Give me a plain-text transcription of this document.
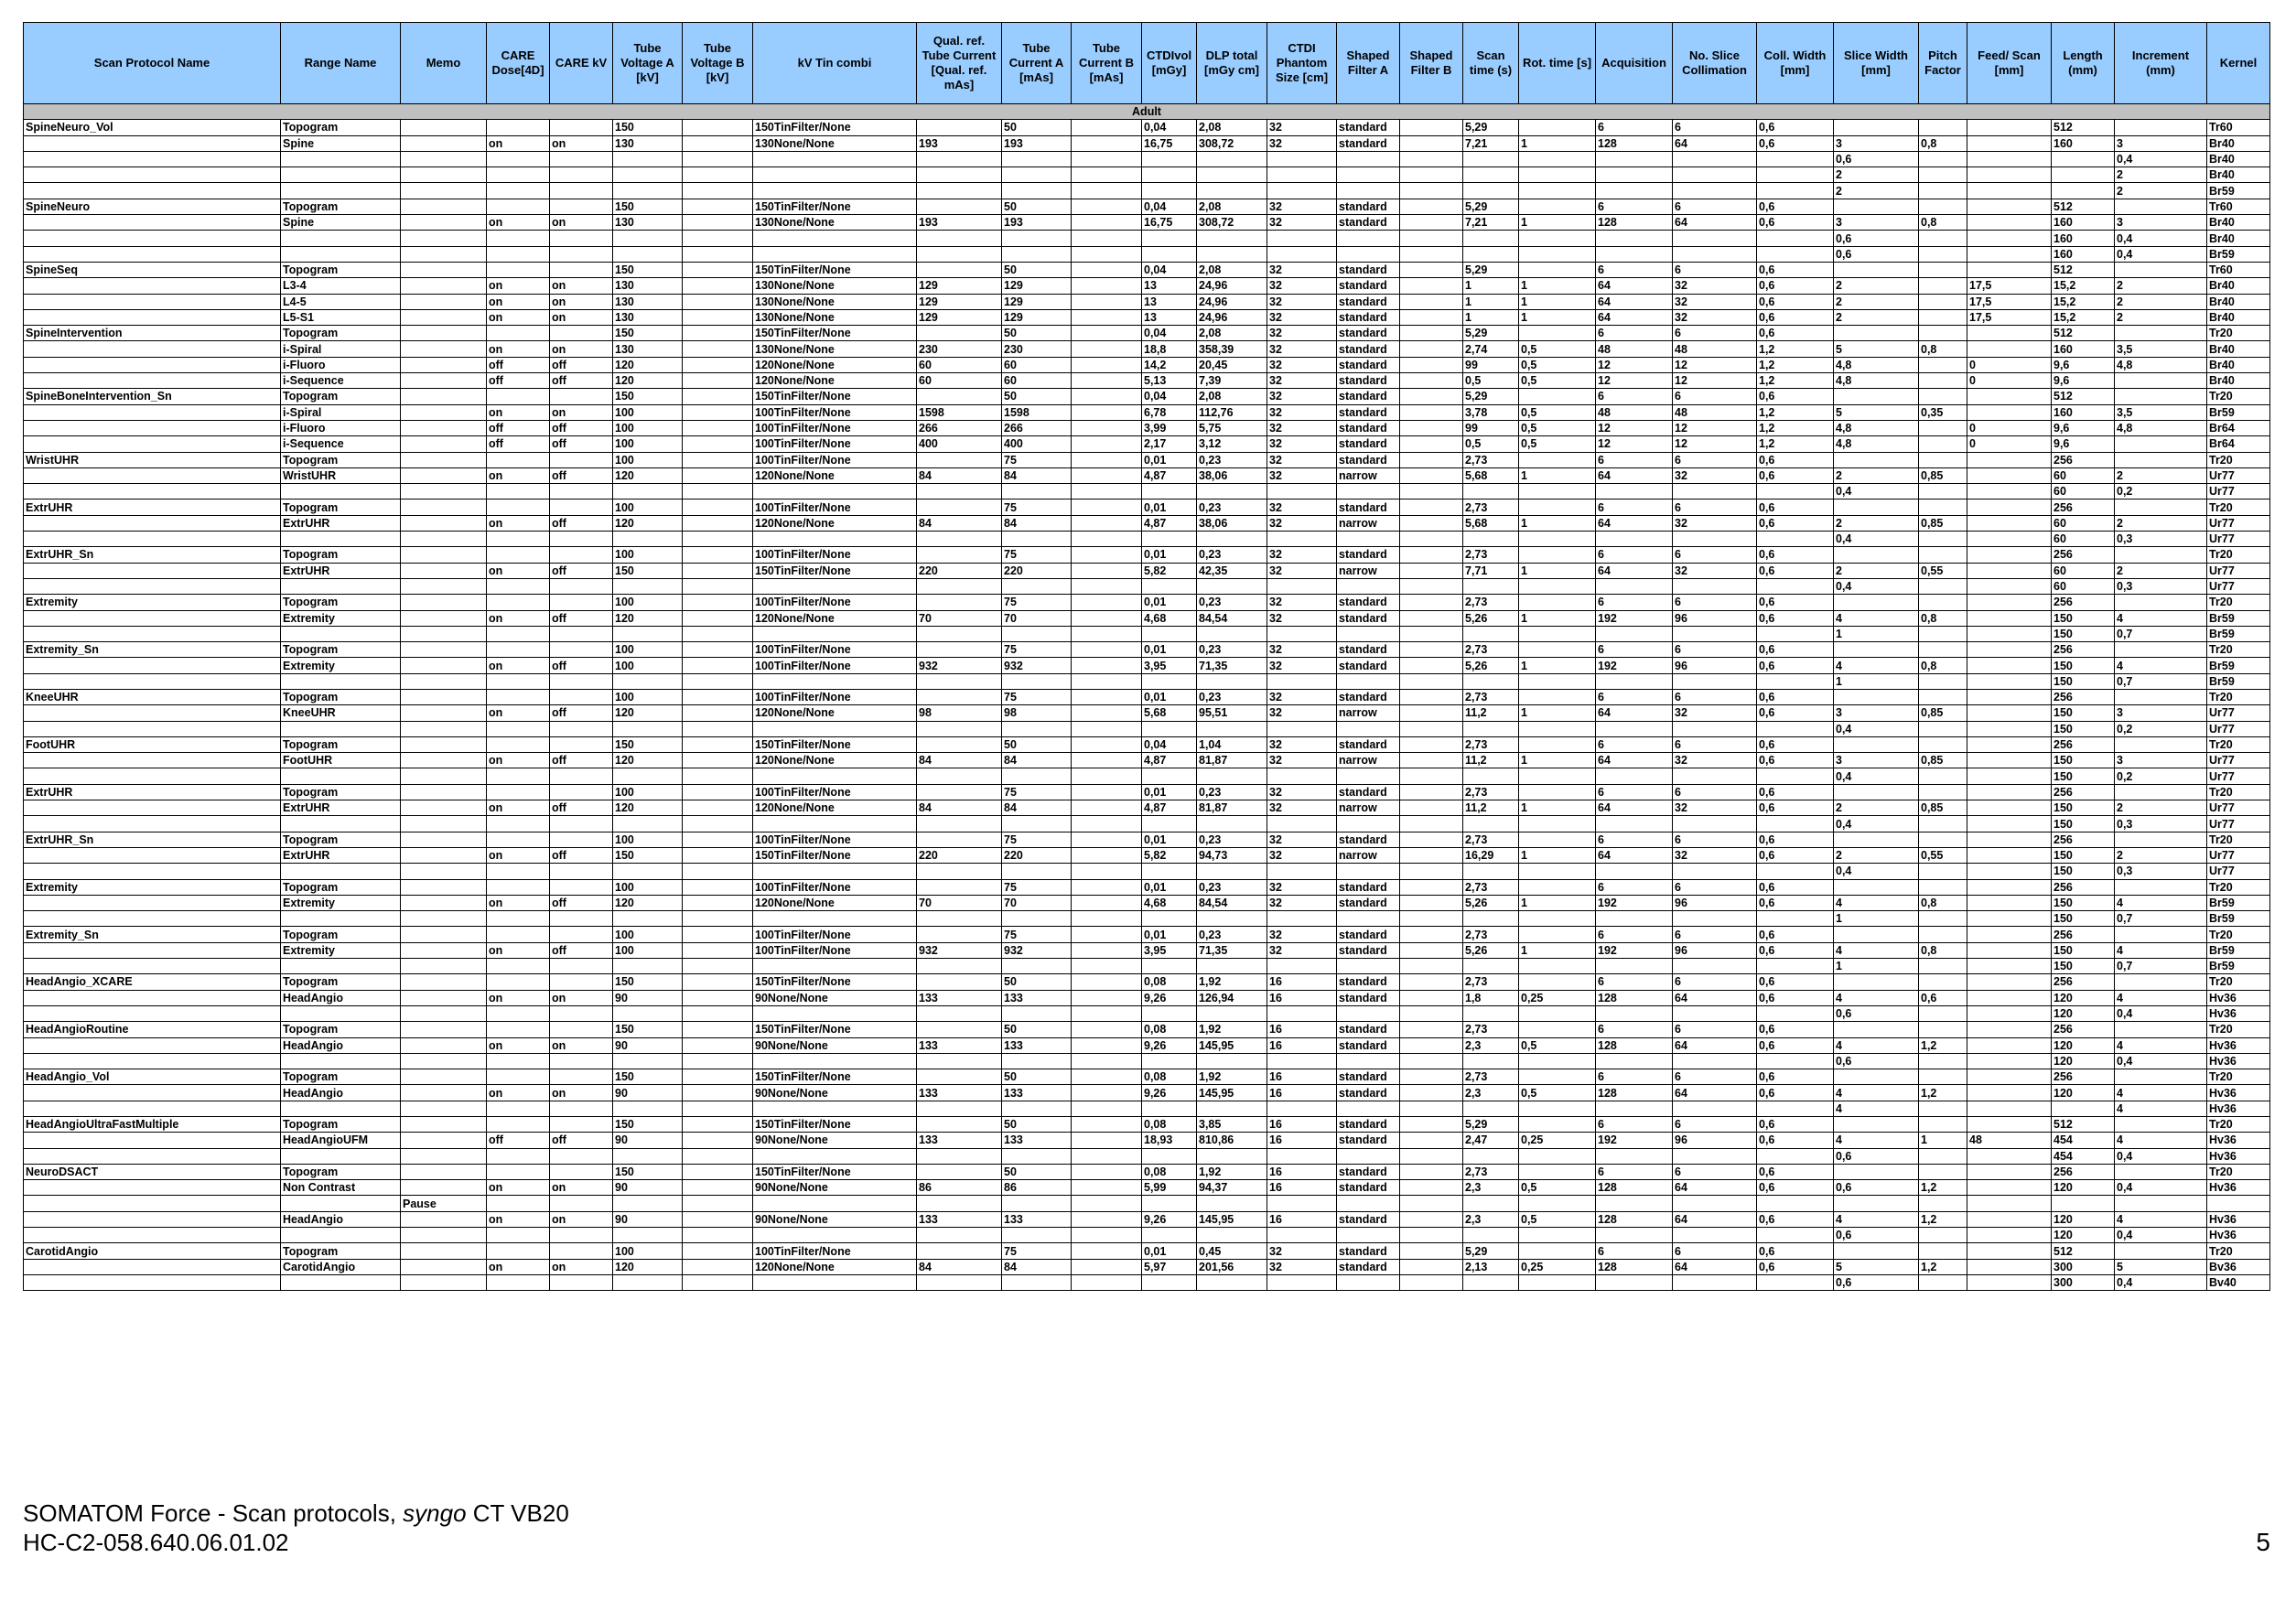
Scan Protocol Name	Range Name	Memo	CARE Dose[4D]	CARE kV	Tube Voltage A [kV]	Tube Voltage B [kV]	kV Tin combi	Qual. ref. Tube Current [Qual. ref. mAs]	Tube Current A [mAs]	Tube Current B [mAs]	CTDIvol [mGy]	DLP total [mGy cm]	CTDI Phantom Size [cm]	Shaped Filter A	Shaped Filter B	Scan time (s)	Rot. time [s]	Acquisition	No. Slice Collimation	Coll. Width [mm]	Slice Width [mm]	Pitch Factor	Feed/ Scan [mm]	Length (mm)	Increment (mm)	Kernel
Adult																										
SpineNeuro_Vol	Topogram				150		150TinFilter/None		50		0,04	2,08	32	standard		5,29		6	6	0,6				512		Tr60
	Spine		on	on	130		130None/None	193	193		16,75	308,72	32	standard		7,21	1	128	64	0,6	3	0,8		160	3	Br40
																					0,6				0,4	Br40
																					2				2	Br40
																					2				2	Br59
SpineNeuro	Topogram				150		150TinFilter/None		50		0,04	2,08	32	standard		5,29		6	6	0,6				512		Tr60
	Spine		on	on	130		130None/None	193	193		16,75	308,72	32	standard		7,21	1	128	64	0,6	3	0,8		160	3	Br40
																					0,6			160	0,4	Br40
																					0,6			160	0,4	Br59
SpineSeq	Topogram				150		150TinFilter/None		50		0,04	2,08	32	standard		5,29		6	6	0,6				512		Tr60
	L3-4		on	on	130		130None/None	129	129		13	24,96	32	standard		1	1	64	32	0,6	2		17,5	15,2	2	Br40
	L4-5		on	on	130		130None/None	129	129		13	24,96	32	standard		1	1	64	32	0,6	2		17,5	15,2	2	Br40
	L5-S1		on	on	130		130None/None	129	129		13	24,96	32	standard		1	1	64	32	0,6	2		17,5	15,2	2	Br40
SpineIntervention	Topogram				150		150TinFilter/None		50		0,04	2,08	32	standard		5,29		6	6	0,6				512		Tr20
	i-Spiral		on	on	130		130None/None	230	230		18,8	358,39	32	standard		2,74	0,5	48	48	1,2	5	0,8		160	3,5	Br40
	i-Fluoro		off	off	120		120None/None	60	60		14,2	20,45	32	standard		99	0,5	12	12	1,2	4,8		0	9,6	4,8	Br40
	i-Sequence		off	off	120		120None/None	60	60		5,13	7,39	32	standard		0,5	0,5	12	12	1,2	4,8		0	9,6		Br40
SpineBoneIntervention_Sn	Topogram				150		150TinFilter/None		50		0,04	2,08	32	standard		5,29		6	6	0,6				512		Tr20
	i-Spiral		on	on	100		100TinFilter/None	1598	1598		6,78	112,76	32	standard		3,78	0,5	48	48	1,2	5	0,35		160	3,5	Br59
	i-Fluoro		off	off	100		100TinFilter/None	266	266		3,99	5,75	32	standard		99	0,5	12	12	1,2	4,8		0	9,6	4,8	Br64
	i-Sequence		off	off	100		100TinFilter/None	400	400		2,17	3,12	32	standard		0,5	0,5	12	12	1,2	4,8		0	9,6		Br64
WristUHR	Topogram				100		100TinFilter/None		75		0,01	0,23	32	standard		2,73		6	6	0,6				256		Tr20
	WristUHR		on	off	120		120None/None	84	84		4,87	38,06	32	narrow		5,68	1	64	32	0,6	2	0,85		60	2	Ur77
																					0,4			60	0,2	Ur77
ExtrUHR	Topogram				100		100TinFilter/None		75		0,01	0,23	32	standard		2,73		6	6	0,6				256		Tr20
	ExtrUHR		on	off	120		120None/None	84	84		4,87	38,06	32	narrow		5,68	1	64	32	0,6	2	0,85		60	2	Ur77
																					0,4			60	0,3	Ur77
ExtrUHR_Sn	Topogram				100		100TinFilter/None		75		0,01	0,23	32	standard		2,73		6	6	0,6				256		Tr20
	ExtrUHR		on	off	150		150TinFilter/None	220	220		5,82	42,35	32	narrow		7,71	1	64	32	0,6	2	0,55		60	2	Ur77
																					0,4			60	0,3	Ur77
Extremity	Topogram				100		100TinFilter/None		75		0,01	0,23	32	standard		2,73		6	6	0,6				256		Tr20
	Extremity		on	off	120		120None/None	70	70		4,68	84,54	32	standard		5,26	1	192	96	0,6	4	0,8		150	4	Br59
																					1			150	0,7	Br59
Extremity_Sn	Topogram				100		100TinFilter/None		75		0,01	0,23	32	standard		2,73		6	6	0,6				256		Tr20
	Extremity		on	off	100		100TinFilter/None	932	932		3,95	71,35	32	standard		5,26	1	192	96	0,6	4	0,8		150	4	Br59
																					1			150	0,7	Br59
KneeUHR	Topogram				100		100TinFilter/None		75		0,01	0,23	32	standard		2,73		6	6	0,6				256		Tr20
	KneeUHR		on	off	120		120None/None	98	98		5,68	95,51	32	narrow		11,2	1	64	32	0,6	3	0,85		150	3	Ur77
																					0,4			150	0,2	Ur77
FootUHR	Topogram				150		150TinFilter/None		50		0,04	1,04	32	standard		2,73		6	6	0,6				256		Tr20
	FootUHR		on	off	120		120None/None	84	84		4,87	81,87	32	narrow		11,2	1	64	32	0,6	3	0,85		150	3	Ur77
																					0,4			150	0,2	Ur77
ExtrUHR	Topogram				100		100TinFilter/None		75		0,01	0,23	32	standard		2,73		6	6	0,6				256		Tr20
	ExtrUHR		on	off	120		120None/None	84	84		4,87	81,87	32	narrow		11,2	1	64	32	0,6	2	0,85		150	2	Ur77
																					0,4			150	0,3	Ur77
ExtrUHR_Sn	Topogram				100		100TinFilter/None		75		0,01	0,23	32	standard		2,73		6	6	0,6				256		Tr20
	ExtrUHR		on	off	150		150TinFilter/None	220	220		5,82	94,73	32	narrow		16,29	1	64	32	0,6	2	0,55		150	2	Ur77
																					0,4			150	0,3	Ur77
Extremity	Topogram				100		100TinFilter/None		75		0,01	0,23	32	standard		2,73		6	6	0,6				256		Tr20
	Extremity		on	off	120		120None/None	70	70		4,68	84,54	32	standard		5,26	1	192	96	0,6	4	0,8		150	4	Br59
																					1			150	0,7	Br59
Extremity_Sn	Topogram				100		100TinFilter/None		75		0,01	0,23	32	standard		2,73		6	6	0,6				256		Tr20
	Extremity		on	off	100		100TinFilter/None	932	932		3,95	71,35	32	standard		5,26	1	192	96	0,6	4	0,8		150	4	Br59
																					1			150	0,7	Br59
HeadAngio_XCARE	Topogram				150		150TinFilter/None		50		0,08	1,92	16	standard		2,73		6	6	0,6				256		Tr20
	HeadAngio		on	on	90		90None/None	133	133		9,26	126,94	16	standard		1,8	0,25	128	64	0,6	4	0,6		120	4	Hv36
																					0,6			120	0,4	Hv36
HeadAngioRoutine	Topogram				150		150TinFilter/None		50		0,08	1,92	16	standard		2,73		6	6	0,6				256		Tr20
	HeadAngio		on	on	90		90None/None	133	133		9,26	145,95	16	standard		2,3	0,5	128	64	0,6	4	1,2		120	4	Hv36
																					0,6			120	0,4	Hv36
HeadAngio_Vol	Topogram				150		150TinFilter/None		50		0,08	1,92	16	standard		2,73		6	6	0,6				256		Tr20
	HeadAngio		on	on	90		90None/None	133	133		9,26	145,95	16	standard		2,3	0,5	128	64	0,6	4	1,2		120	4	Hv36
																					4				4	Hv36
HeadAngioUltraFastMultiple	Topogram				150		150TinFilter/None		50		0,08	3,85	16	standard		5,29		6	6	0,6				512		Tr20
	HeadAngioUFM		off	off	90		90None/None	133	133		18,93	810,86	16	standard		2,47	0,25	192	96	0,6	4	1	48	454	4	Hv36
																					0,6			454	0,4	Hv36
NeuroDSACT	Topogram				150		150TinFilter/None		50		0,08	1,92	16	standard		2,73		6	6	0,6				256		Tr20
	Non Contrast		on	on	90		90None/None	86	86		5,99	94,37	16	standard		2,3	0,5	128	64	0,6	0,6	1,2		120	0,4	Hv36
		Pause																								
	HeadAngio		on	on	90		90None/None	133	133		9,26	145,95	16	standard		2,3	0,5	128	64	0,6	4	1,2		120	4	Hv36
																					0,6			120	0,4	Hv36
CarotidAngio	Topogram				100		100TinFilter/None		75		0,01	0,45	32	standard		5,29		6	6	0,6				512		Tr20
	CarotidAngio		on	on	120		120None/None	84	84		5,97	201,56	32	standard		2,13	0,25	128	64	0,6	5	1,2		300	5	Bv36
																					0,6			300	0,4	Bv40
SOMATOM Force - Scan protocols, syngo CT VB20
HC-C2-058.640.06.01.02	5
